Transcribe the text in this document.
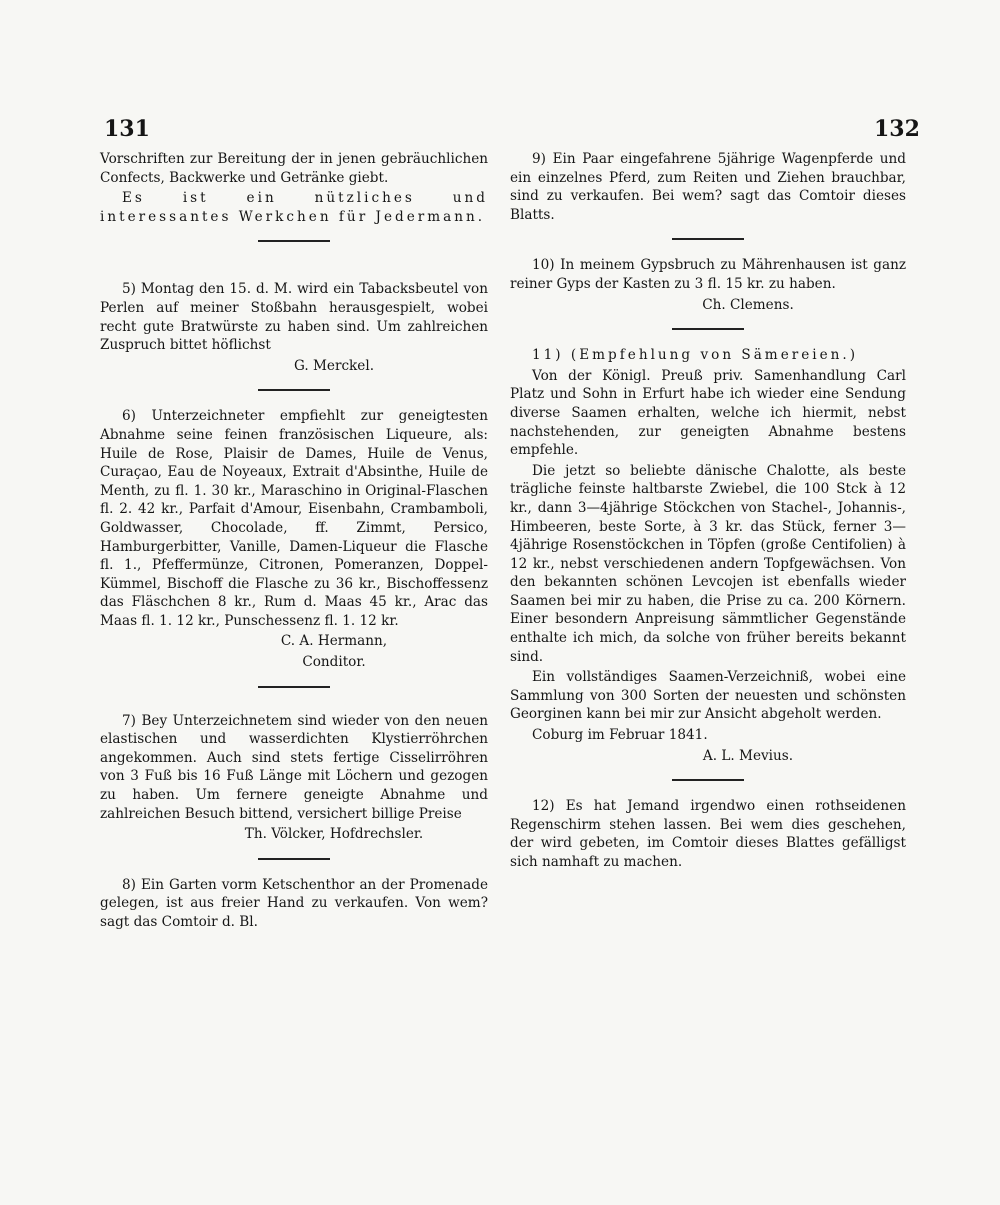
131	132

Vorschriften zur Bereitung der in jenen gebräuchlichen Confects, Backwerke und Getränke giebt.

Es ist ein nützliches und interessantes Werkchen für Jedermann.

5) Montag den 15. d. M. wird ein Tabacksbeutel von Perlen auf meiner Stoßbahn herausgespielt, wobei recht gute Bratwürste zu haben sind. Um zahlreichen Zuspruch bittet höflichst

G. Merckel.

6) Unterzeichneter empfiehlt zur geneigtesten Abnahme seine feinen französischen Liqueure, als: Huile de Rose, Plaisir de Dames, Huile de Venus, Curaçao, Eau de Noyeaux, Extrait d'Absinthe, Huile de Menth, zu fl. 1. 30 kr., Maraschino in Original-Flaschen fl. 2. 42 kr., Parfait d'Amour, Eisenbahn, Crambamboli, Goldwasser, Chocolade, ff. Zimmt, Persico, Hamburgerbitter, Vanille, Damen-Liqueur die Flasche fl. 1., Pfeffermünze, Citronen, Pomeranzen, Doppel-Kümmel, Bischoff die Flasche zu 36 kr., Bischoffessenz das Fläschchen 8 kr., Rum d. Maas 45 kr., Arac das Maas fl. 1. 12 kr., Punschessenz fl. 1. 12 kr.

C. A. Hermann,

Conditor.

7) Bey Unterzeichnetem sind wieder von den neuen elastischen und wasserdichten Klystierröhrchen angekommen. Auch sind stets fertige Cisselirröhren von 3 Fuß bis 16 Fuß Länge mit Löchern und gezogen zu haben. Um fernere geneigte Abnahme und zahlreichen Besuch bittend, versichert billige Preise

Th. Völcker, Hofdrechsler.

8) Ein Garten vorm Ketschenthor an der Promenade gelegen, ist aus freier Hand zu verkaufen. Von wem? sagt das Comtoir d. Bl.

9) Ein Paar eingefahrene 5jährige Wagenpferde und ein einzelnes Pferd, zum Reiten und Ziehen brauchbar, sind zu verkaufen. Bei wem? sagt das Comtoir dieses Blatts.

10) In meinem Gypsbruch zu Mährenhausen ist ganz reiner Gyps der Kasten zu 3 fl. 15 kr. zu haben.

Ch. Clemens.

11) (Empfehlung von Sämereien.)

Von der Königl. Preuß priv. Samenhandlung Carl Platz und Sohn in Erfurt habe ich wieder eine Sendung diverse Saamen erhalten, welche ich hiermit, nebst nachstehenden, zur geneigten Abnahme bestens empfehle.

Die jetzt so beliebte dänische Chalotte, als beste trägliche feinste haltbarste Zwiebel, die 100 Stck à 12 kr., dann 3—4jährige Stöckchen von Stachel-, Johannis-, Himbeeren, beste Sorte, à 3 kr. das Stück, ferner 3—4jährige Rosenstöckchen in Töpfen (große Centifolien) à 12 kr., nebst verschiedenen andern Topfgewächsen. Von den bekannten schönen Levcojen ist ebenfalls wieder Saamen bei mir zu haben, die Prise zu ca. 200 Körnern. Einer besondern Anpreisung sämmtlicher Gegenstände enthalte ich mich, da solche von früher bereits bekannt sind.

Ein vollständiges Saamen-Verzeichniß, wobei eine Sammlung von 300 Sorten der neuesten und schönsten Georginen kann bei mir zur Ansicht abgeholt werden.

Coburg im Februar 1841.

A. L. Mevius.

12) Es hat Jemand irgendwo einen rothseidenen Regenschirm stehen lassen. Bei wem dies geschehen, der wird gebeten, im Comtoir dieses Blattes gefälligst sich namhaft zu machen.
